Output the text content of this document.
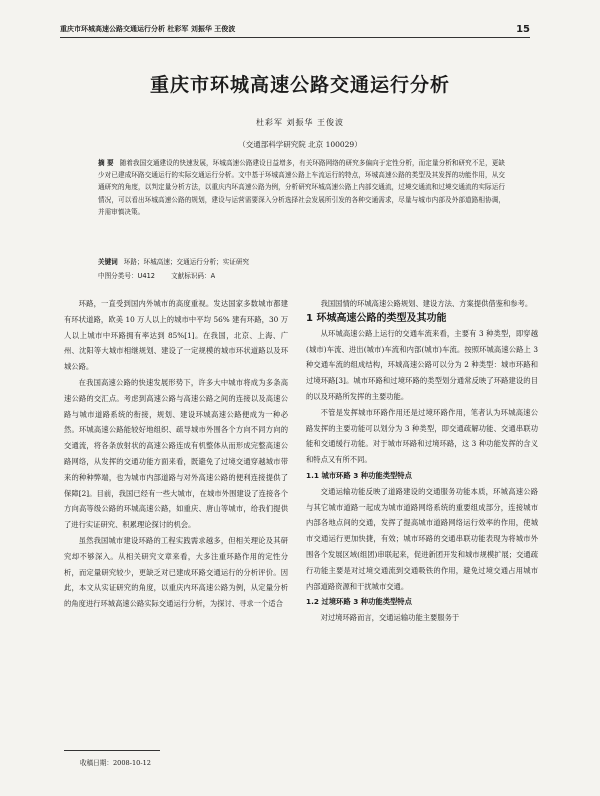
重庆市环城高速公路交通运行分析 杜彩军 刘振华 王俊波	15
重庆市环城高速公路交通运行分析
杜彩军 刘振华 王俊波
（交通部科学研究院 北京 100029）
摘 要 随着我国交通建设的快速发展，环城高速公路建设日益增多，有关环路网络的研究多偏向于定性分析，而定量分析和研究不足，更缺少对已建成环路交通运行的实际交通运行分析。文中基于环城高速公路上车流运行的特点，环城高速公路的类型及其发挥的功能作用，从交通研究的角度，以判定量分析方法，以重庆内环高速公路为例，分析研究环城高速公路上内部交通流，过境交通流和过境交通流的实际运行情况，可以看出环城高速公路的规划，建设与运营需要深入分析选择社会发展所引发的各种交通需求，尽量与城市内部及外部道路相协调，并需审慎决策。
关键词 环路；环城高速；交通运行分析；实证研究
中图分类号：U412 文献标识码：A

环路，一直受到国内外城市的高度重视。发达国家多数城市都建有环状道路，欧美 10 万人以上的城市中平均 56% 建有环路，30 万人以上城市中环路拥有率达到 85%[1]。在我国，北京、上海、广州、沈阳等大城市相继规划、建设了一定规模的城市环状道路以及环城公路。

在我国高速公路的快速发展形势下，许多大中城市将成为多条高速公路的交汇点。考虑到高速公路与高速公路之间的连接以及高速公路与城市道路系统的衔接，规划、建设环城高速公路便成为一种必然。环城高速公路能较好地组织、疏导城市外围各个方向不同方向的交通流，将各条放射状的高速公路连成有机整体从而形成完整高速公路网络，从发挥的交通功能方面来看，既避免了过境交通穿越城市带来的种种弊端，也为城市内部道路与对外高速公路的便利连接提供了保障[2]。目前，我国已经有一些大城市，在城市外围建设了连接各个方向高等级公路的环城高速公路，如重庆、唐山等城市，给我们提供了进行实证研究、积累理论探讨的机会。

虽然我国城市建设环路的工程实践需求越多，但相关理论及其研究却不够深入。从相关研究文章来看，大多注重环路作用的定性分析，而定量研究较少，更缺乏对已建成环路交通运行的分析评价。因此，本文从实证研究的角度，以重庆内环高速公路为例，从定量分析的角度进行环城高速公路实际交通运行分析，为探讨、寻求一个适合

我国国情的环城高速公路规划、建设方法、方案提供借鉴和参考。

1 环城高速公路的类型及其功能

从环城高速公路上运行的交通车流来看，主要有 3 种类型，即穿越(城市)车流、进出(城市)车流和内部(城市)车流。按照环城高速公路上 3 种交通车流的组成结构，环城高速公路可以分为 2 种类型：城市环路和过境环路[3]。城市环路和过境环路的类型划分通常反映了环路建设的目的以及环路所发挥的主要功能。

不管是发挥城市环路作用还是过境环路作用，笔者认为环城高速公路发挥的主要功能可以划分为 3 种类型，即交通疏解功能、交通串联功能和交通缓行功能。对于城市环路和过境环路，这 3 种功能发挥的含义和特点又有所不同。

1.1 城市环路 3 种功能类型特点

交通运输功能反映了道路建设的交通服务功能本质，环城高速公路与其它城市道路一起成为城市道路网络系统的重要组成部分，连接城市内部各地点间的交通，发挥了提高城市道路网络运行效率的作用，使城市交通运行更加快捷，有效；城市环路的交通串联功能表现为将城市外围各个发展区域(组团)串联起来，促进新团开发和城市规模扩展；交通疏行功能主要是对过境交通流到交通吸铁的作用，避免过境交通占用城市内部道路资源和干扰城市交通。

1.2 过境环路 3 种功能类型特点

对过境环路而言，交通运输功能主要服务于

收稿日期：2008-10-12
